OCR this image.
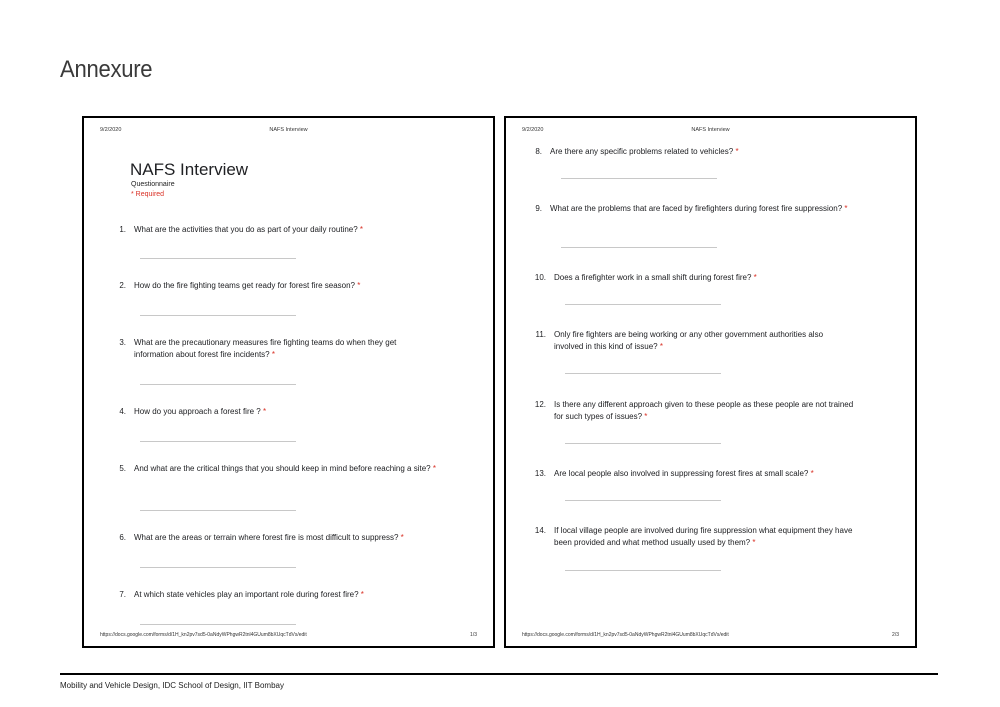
Annexure
9/2/2020	NAFS Interview
NAFS Interview
Questionnaire
* Required
1. What are the activities that you do as part of your daily routine? *
2. How do the fire fighting teams get ready for forest fire season? *
3. What are the precautionary measures fire fighting teams do when they get information about forest fire incidents? *
4. How do you approach a forest fire ? *
5. And what are the critical things that you should keep in mind before reaching a site? *
6. What are the areas or terrain where forest fire is most difficult to suppress? *
7. At which state vehicles play an important role during forest fire? *
https://docs.google.com/forms/d/1H_kn2pv7sd5-0aNdyWPhgwR2tnl4GUum8bXUqcTdVs/edit	1/3
9/2/2020	NAFS Interview
8. Are there any specific problems related to vehicles? *
9. What are the problems that are faced by firefighters during forest fire suppression? *
10. Does a firefighter work in a small shift during forest fire? *
11. Only fire fighters are being working or any other government authorities also involved in this kind of issue? *
12. Is there any different approach given to these people as these people are not trained for such types of issues? *
13. Are local people also involved in suppressing forest fires at small scale? *
14. If local village people are involved during fire suppression what equipment they have been provided and what method usually used by them? *
https://docs.google.com/forms/d/1H_kn2pv7sd5-0aNdyWPhgwR2tnl4GUum8bXUqcTdVs/edit	2/3
Mobility and Vehicle Design, IDC School of Design, IIT Bombay
